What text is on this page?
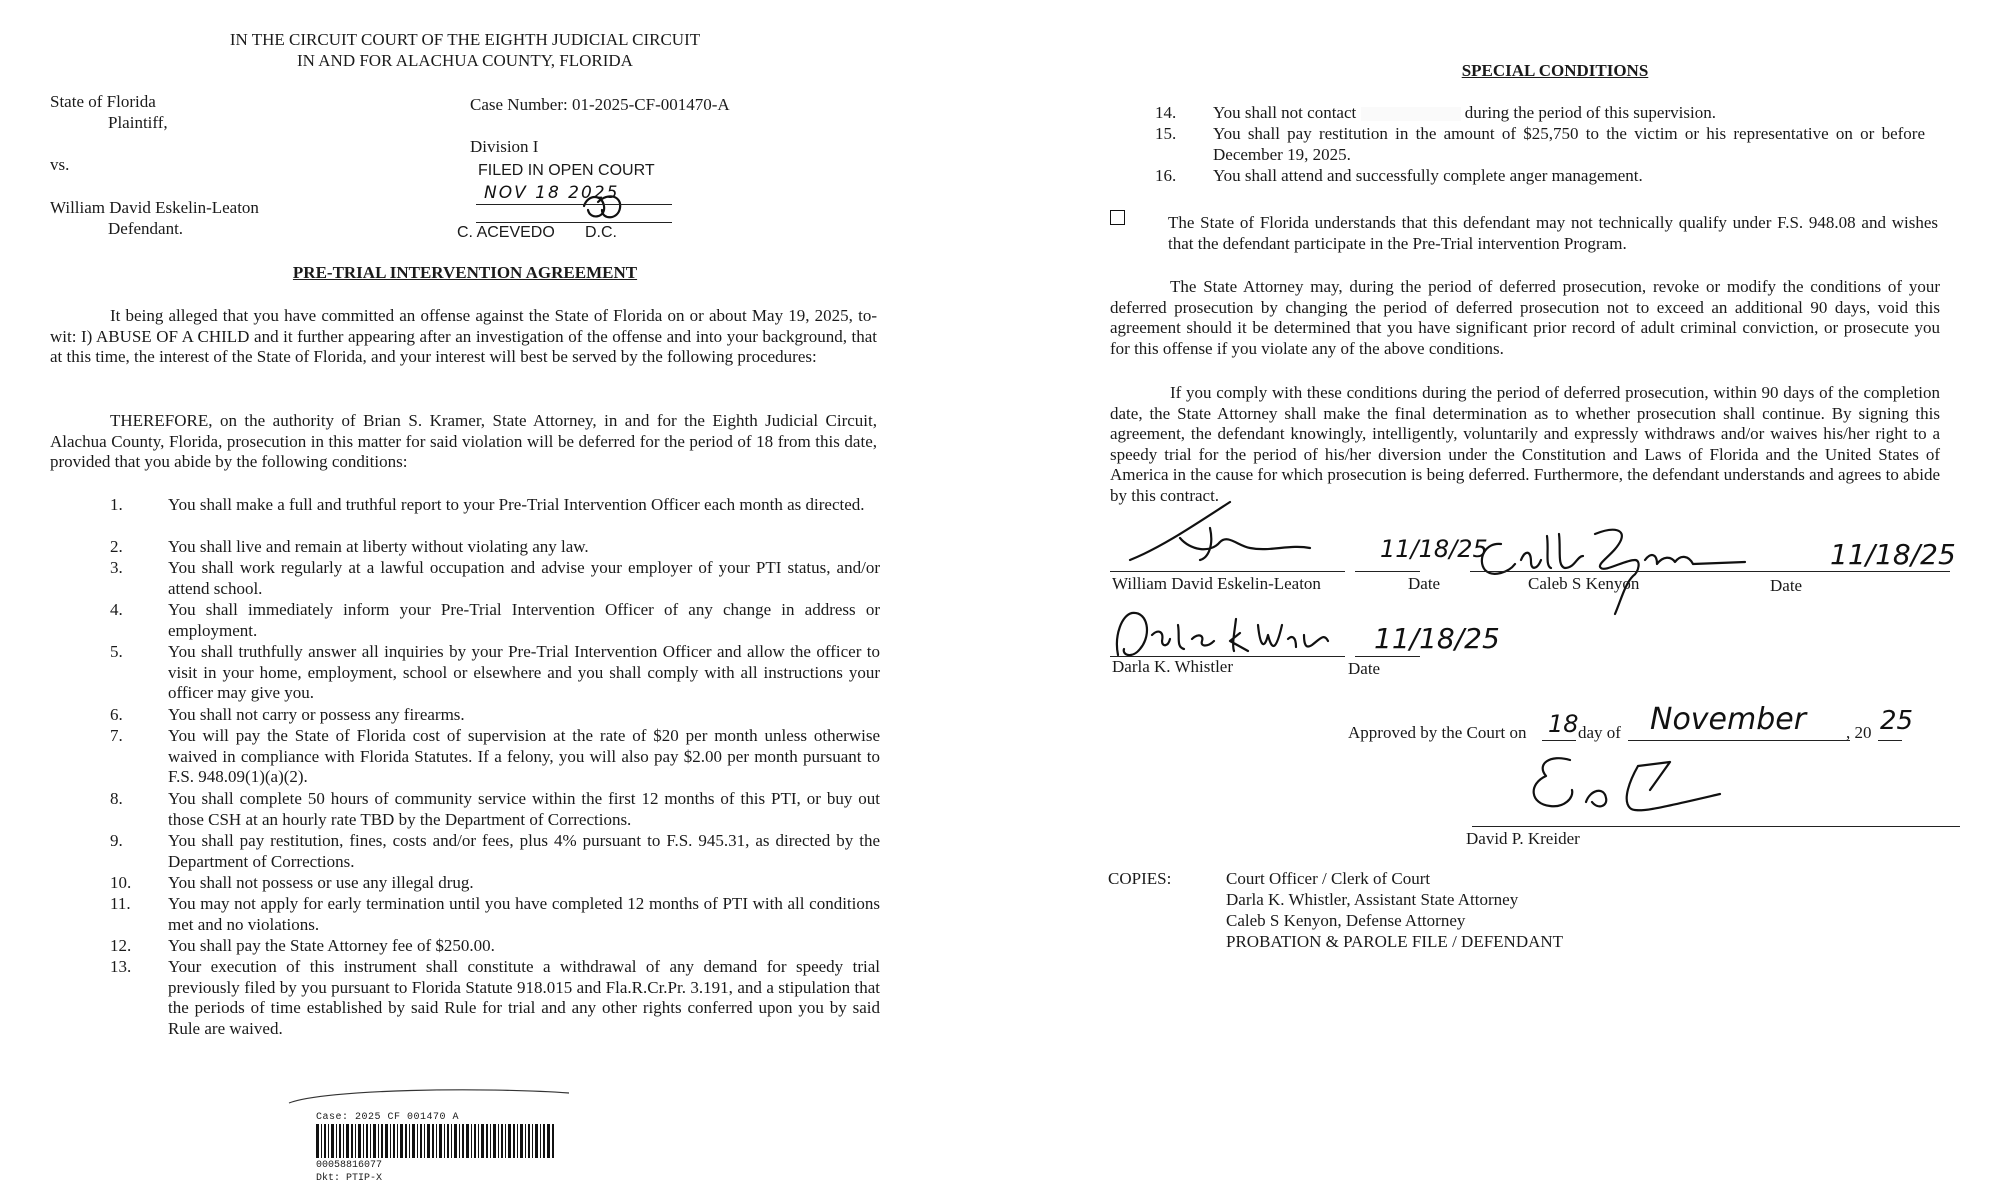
IN THE CIRCUIT COURT OF THE EIGHTH JUDICIAL CIRCUIT
IN AND FOR ALACHUA COUNTY, FLORIDA
State of Florida
Plaintiff,
vs.
William David Eskelin-Leaton
Defendant.
Case Number: 01-2025-CF-001470-A
Division I
FILED IN OPEN COURT
NOV 18 2025
C. ACEVEDO D.C.
PRE-TRIAL INTERVENTION AGREEMENT
It being alleged that you have committed an offense against the State of Florida on or about May 19, 2025, to-wit: I) ABUSE OF A CHILD and it further appearing after an investigation of the offense and into your background, that at this time, the interest of the State of Florida, and your interest will best be served by the following procedures:
THEREFORE, on the authority of Brian S. Kramer, State Attorney, in and for the Eighth Judicial Circuit, Alachua County, Florida, prosecution in this matter for said violation will be deferred for the period of 18 from this date, provided that you abide by the following conditions:
1.	You shall make a full and truthful report to your Pre-Trial Intervention Officer each month as directed.
2.	You shall live and remain at liberty without violating any law.
3.	You shall work regularly at a lawful occupation and advise your employer of your PTI status, and/or attend school.
4.	You shall immediately inform your Pre-Trial Intervention Officer of any change in address or employment.
5.	You shall truthfully answer all inquiries by your Pre-Trial Intervention Officer and allow the officer to visit in your home, employment, school or elsewhere and you shall comply with all instructions your officer may give you.
6.	You shall not carry or possess any firearms.
7.	You will pay the State of Florida cost of supervision at the rate of $20 per month unless otherwise waived in compliance with Florida Statutes. If a felony, you will also pay $2.00 per month pursuant to F.S. 948.09(1)(a)(2).
8.	You shall complete 50 hours of community service within the first 12 months of this PTI, or buy out those CSH at an hourly rate TBD by the Department of Corrections.
9.	You shall pay restitution, fines, costs and/or fees, plus 4% pursuant to F.S. 945.31, as directed by the Department of Corrections.
10.	You shall not possess or use any illegal drug.
11.	You may not apply for early termination until you have completed 12 months of PTI with all conditions met and no violations.
12.	You shall pay the State Attorney fee of $250.00.
13.	Your execution of this instrument shall constitute a withdrawal of any demand for speedy trial previously filed by you pursuant to Florida Statute 918.015 and Fla.R.Cr.Pr. 3.191, and a stipulation that the periods of time established by said Rule for trial and any other rights conferred upon you by said Rule are waived.
Case: 2025 CF 001470 A
00058816077
Dkt: PTIP-X
SPECIAL CONDITIONS
14.	You shall not contact	during the period of this supervision.
15.	You shall pay restitution in the amount of $25,750 to the victim or his representative on or before December 19, 2025.
16.	You shall attend and successfully complete anger management.
The State of Florida understands that this defendant may not technically qualify under F.S. 948.08 and wishes that the defendant participate in the Pre-Trial intervention Program.
The State Attorney may, during the period of deferred prosecution, revoke or modify the conditions of your deferred prosecution by changing the period of deferred prosecution not to exceed an additional 90 days, void this agreement should it be determined that you have significant prior record of adult criminal conviction, or prosecute you for this offense if you violate any of the above conditions.
If you comply with these conditions during the period of deferred prosecution, within 90 days of the completion date, the State Attorney shall make the final determination as to whether prosecution shall continue. By signing this agreement, the defendant knowingly, intelligently, voluntarily and expressly withdraws and/or waives his/her right to a speedy trial for the period of his/her diversion under the Constitution and Laws of Florida and the United States of America in the cause for which prosecution is being deferred. Furthermore, the defendant understands and agrees to abide by this contract.
11/18/25	11/18/25
William David Eskelin-Leaton	Date	Caleb S Kenyon	Date
11/18/25
Darla K. Whistler	Date
Approved by the Court on 18 day of November , 20 25
David P. Kreider
COPIES:	Court Officer / Clerk of Court
Darla K. Whistler, Assistant State Attorney
Caleb S Kenyon, Defense Attorney
PROBATION & PAROLE FILE / DEFENDANT
